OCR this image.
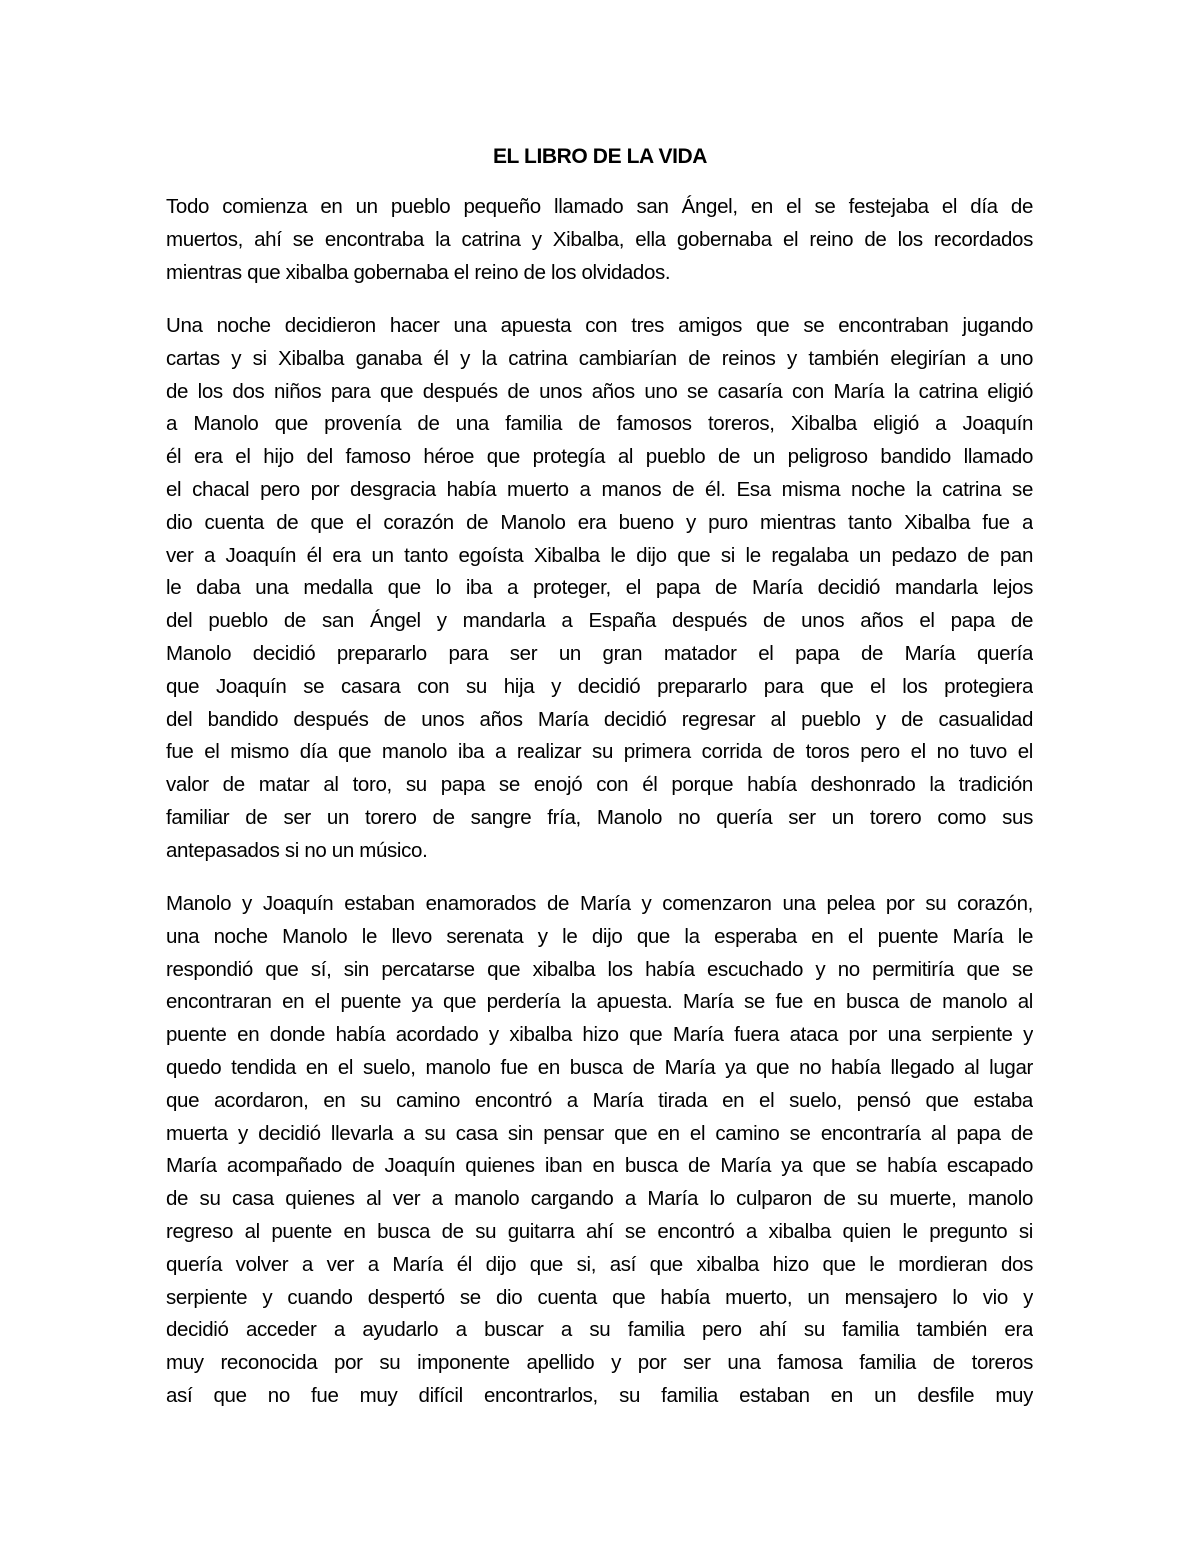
EL LIBRO DE LA VIDA
Todo comienza en un pueblo pequeño llamado san Ángel, en el se festejaba el día de
muertos, ahí se encontraba la catrina y Xibalba, ella gobernaba el reino de los recordados
mientras que xibalba gobernaba el reino de los olvidados.
Una noche decidieron hacer una apuesta con tres amigos que se encontraban jugando
cartas y si Xibalba ganaba él y la catrina cambiarían de reinos y también elegirían a uno
de los dos niños para que después de unos años uno se casaría con María la catrina eligió
a Manolo que provenía de una familia de famosos toreros, Xibalba eligió a Joaquín
él era el hijo del famoso héroe que protegía al pueblo de un peligroso bandido llamado
el chacal pero por desgracia había muerto a manos de él. Esa misma noche la catrina se
dio cuenta de que el corazón de Manolo era bueno y puro mientras tanto Xibalba fue a
ver a Joaquín él era un tanto egoísta Xibalba le dijo que si le regalaba un pedazo de pan
le daba una medalla que lo iba a proteger, el papa de María decidió mandarla lejos
del pueblo de san Ángel y mandarla a España después de unos años el papa de
Manolo decidió prepararlo para ser un gran matador el papa de María quería
que Joaquín se casara con su hija y decidió prepararlo para que el los protegiera
del bandido después de unos años María decidió regresar al pueblo y de casualidad
fue el mismo día que manolo iba a realizar su primera corrida de toros pero el no tuvo el
valor de matar al toro, su papa se enojó con él porque había deshonrado la tradición
familiar de ser un torero de sangre fría, Manolo no quería ser un torero como sus
antepasados si no un músico.
Manolo y Joaquín estaban enamorados de María y comenzaron una pelea por su corazón,
una noche Manolo le llevo serenata y le dijo que la esperaba en el puente María le
respondió que sí, sin percatarse que xibalba los había escuchado y no permitiría que se
encontraran en el puente ya que perdería la apuesta. María se fue en busca de manolo al
puente en donde había acordado y xibalba hizo que María fuera ataca por una serpiente y
quedo tendida en el suelo, manolo fue en busca de María ya que no había llegado al lugar
que acordaron, en su camino encontró a María tirada en el suelo, pensó que estaba
muerta y decidió llevarla a su casa sin pensar que en el camino se encontraría al papa de
María acompañado de Joaquín quienes iban en busca de María ya que se había escapado
de su casa quienes al ver a manolo cargando a María lo culparon de su muerte, manolo
regreso al puente en busca de su guitarra ahí se encontró a xibalba quien le pregunto si
quería volver a ver a María él dijo que si, así que xibalba hizo que le mordieran dos
serpiente y cuando despertó se dio cuenta que había muerto, un mensajero lo vio y
decidió acceder a ayudarlo a buscar a su familia pero ahí su familia también era
muy reconocida por su imponente apellido y por ser una famosa familia de toreros
así que no fue muy difícil encontrarlos, su familia estaban en un desfile muy
